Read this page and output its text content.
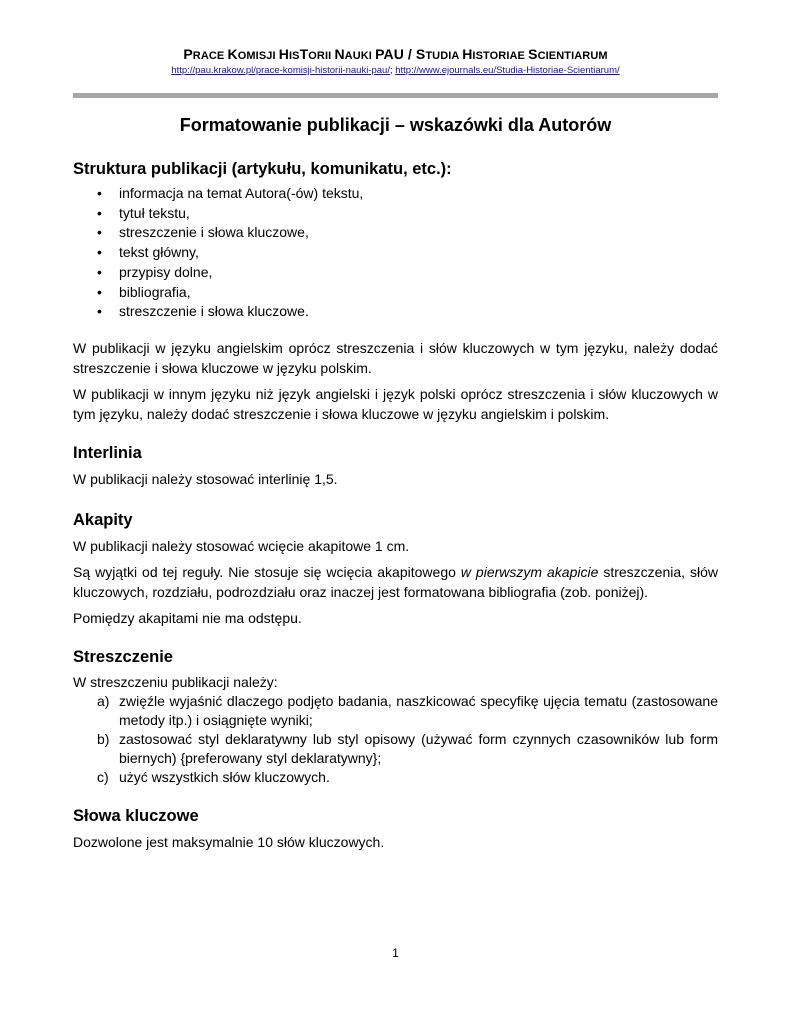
PRACE KOMISJI HISTORII NAUKI PAU / STUDIA HISTORIAE SCIENTIARUM
http://pau.krakow.pl/prace-komisji-historii-nauki-pau/; http://www.ejournals.eu/Studia-Historiae-Scientiarum/
Formatowanie publikacji – wskazówki dla Autorów
Struktura publikacji (artykułu, komunikatu, etc.):
• informacja na temat Autora(-ów) tekstu,
• tytuł tekstu,
• streszczenie i słowa kluczowe,
• tekst główny,
• przypisy dolne,
• bibliografia,
• streszczenie i słowa kluczowe.

W publikacji w języku angielskim oprócz streszczenia i słów kluczowych w tym języku, należy dodać streszczenie i słowa kluczowe w języku polskim.

W publikacji w innym języku niż język angielski i język polski oprócz streszczenia i słów kluczowych w tym języku, należy dodać streszczenie i słowa kluczowe w języku angielskim i polskim.

Interlinia

W publikacji należy stosować interlinię 1,5.

Akapity

W publikacji należy stosować wcięcie akapitowe 1 cm.

Są wyjątki od tej reguły. Nie stosuje się wcięcia akapitowego w pierwszym akapicie streszczenia, słów kluczowych, rozdziału, podrozdziału oraz inaczej jest formatowana bibliografia (zob. poniżej).

Pomiędzy akapitami nie ma odstępu.

Streszczenie

W streszczeniu publikacji należy:

a) zwięźle wyjaśnić dlaczego podjęto badania, naszkicować specyfikę ujęcia tematu (zastosowane metody itp.) i osiągnięte wyniki;
b) zastosować styl deklaratywny lub styl opisowy (używać form czynnych czasowników lub form biernych) {preferowany styl deklaratywny};
c) użyć wszystkich słów kluczowych.
Słowa kluczowe

Dozwolone jest maksymalnie 10 słów kluczowych.

1
